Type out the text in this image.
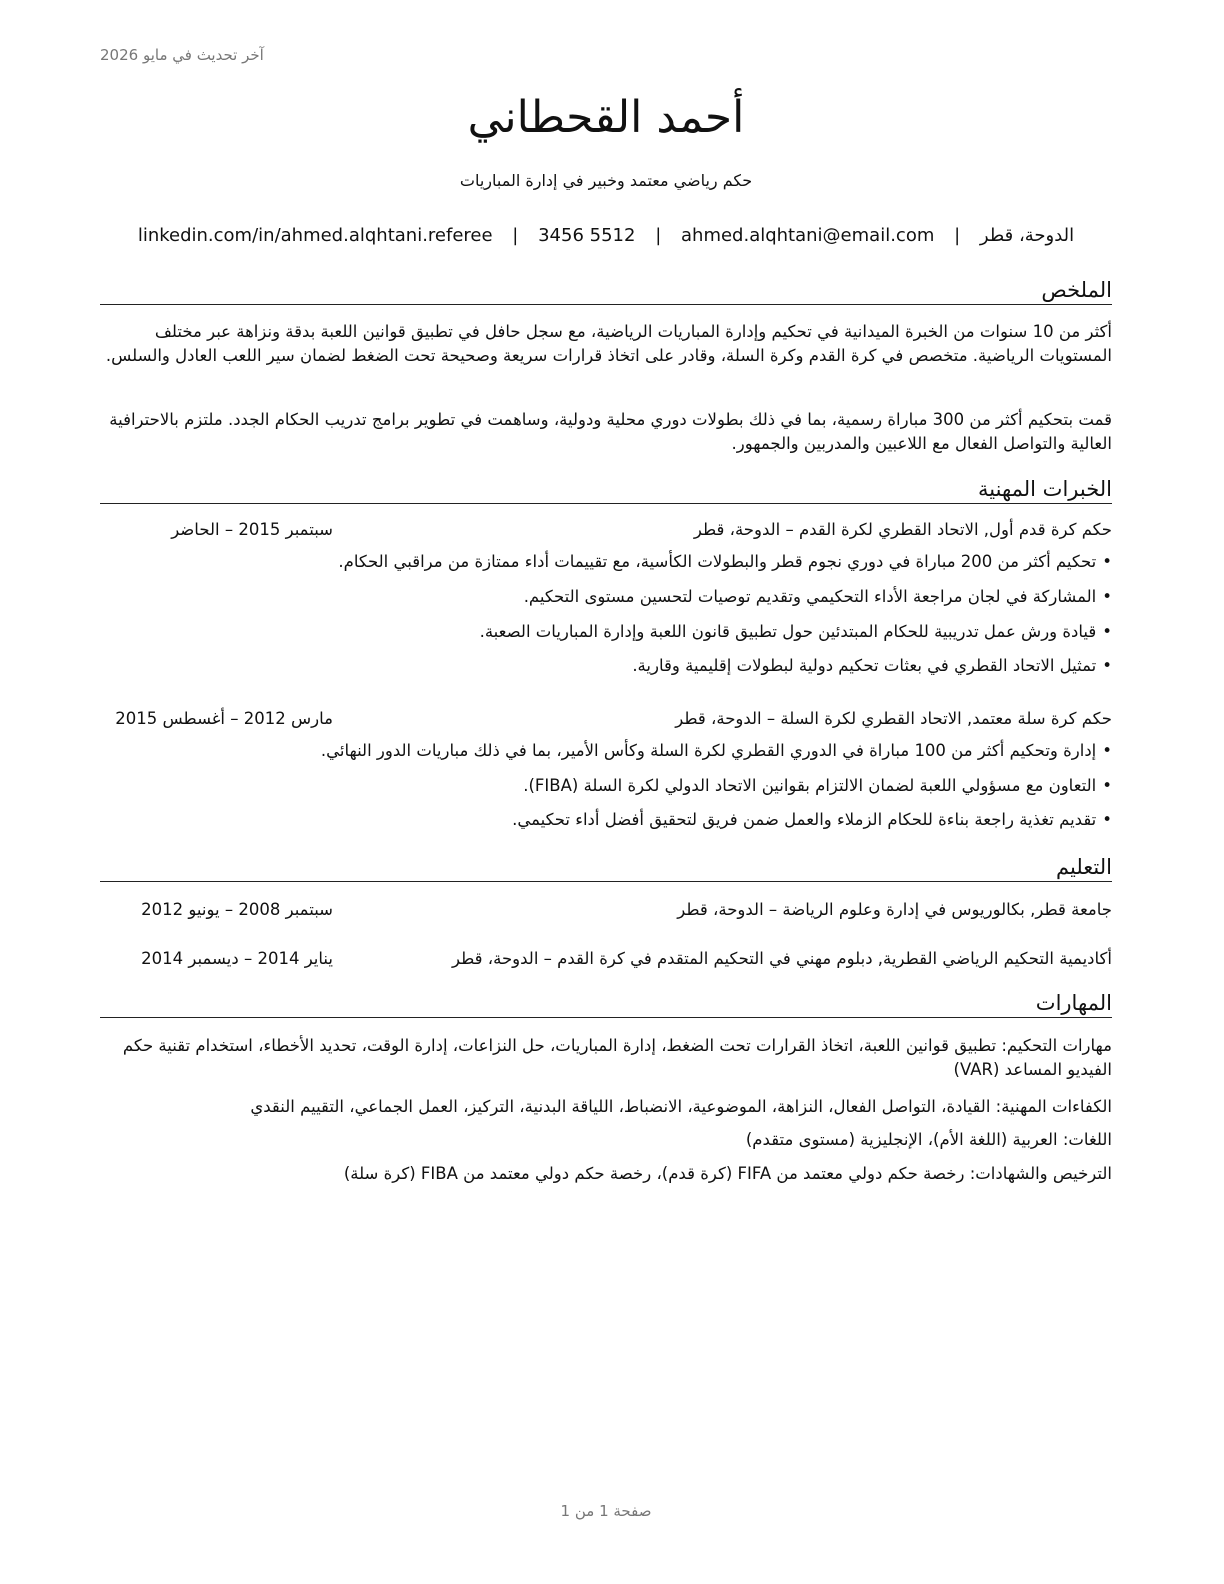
آخر تحديث في مايو 2026
أحمد القحطاني
حكم رياضي معتمد وخبير في إدارة المباريات
الدوحة، قطر | ahmed.alqhtani@email.com | 3456 5512 | linkedin.com/in/ahmed.alqhtani.referee
الملخص
أكثر من 10 سنوات من الخبرة الميدانية في تحكيم وإدارة المباريات الرياضية، مع سجل حافل في تطبيق قوانين اللعبة بدقة ونزاهة عبر مختلف المستويات الرياضية. متخصص في كرة القدم وكرة السلة، وقادر على اتخاذ قرارات سريعة وصحيحة تحت الضغط لضمان سير اللعب العادل والسلس.
قمت بتحكيم أكثر من 300 مباراة رسمية، بما في ذلك بطولات دوري محلية ودولية، وساهمت في تطوير برامج تدريب الحكام الجدد. ملتزم بالاحترافية العالية والتواصل الفعال مع اللاعبين والمدربين والجمهور.
الخبرات المهنية
حكم كرة قدم أول, الاتحاد القطري لكرة القدم – الدوحة، قطر
سبتمبر 2015 – الحاضر
•تحكيم أكثر من 200 مباراة في دوري نجوم قطر والبطولات الكأسية، مع تقييمات أداء ممتازة من مراقبي الحكام.
•المشاركة في لجان مراجعة الأداء التحكيمي وتقديم توصيات لتحسين مستوى التحكيم.
•قيادة ورش عمل تدريبية للحكام المبتدئين حول تطبيق قانون اللعبة وإدارة المباريات الصعبة.
•تمثيل الاتحاد القطري في بعثات تحكيم دولية لبطولات إقليمية وقارية.
حكم كرة سلة معتمد, الاتحاد القطري لكرة السلة – الدوحة، قطر
مارس 2012 – أغسطس 2015
•إدارة وتحكيم أكثر من 100 مباراة في الدوري القطري لكرة السلة وكأس الأمير، بما في ذلك مباريات الدور النهائي.
•التعاون مع مسؤولي اللعبة لضمان الالتزام بقوانين الاتحاد الدولي لكرة السلة (FIBA).
•تقديم تغذية راجعة بناءة للحكام الزملاء والعمل ضمن فريق لتحقيق أفضل أداء تحكيمي.
التعليم
جامعة قطر, بكالوريوس في إدارة وعلوم الرياضة – الدوحة، قطر
سبتمبر 2008 – يونيو 2012
أكاديمية التحكيم الرياضي القطرية, دبلوم مهني في التحكيم المتقدم في كرة القدم – الدوحة، قطر
يناير 2014 – ديسمبر 2014
المهارات
مهارات التحكيم: تطبيق قوانين اللعبة، اتخاذ القرارات تحت الضغط، إدارة المباريات، حل النزاعات، إدارة الوقت، تحديد الأخطاء، استخدام تقنية حكم الفيديو المساعد (VAR)
الكفاءات المهنية: القيادة، التواصل الفعال، النزاهة، الموضوعية، الانضباط، اللياقة البدنية، التركيز، العمل الجماعي، التقييم النقدي
اللغات: العربية (اللغة الأم)، الإنجليزية (مستوى متقدم)
الترخيص والشهادات: رخصة حكم دولي معتمد من FIFA (كرة قدم)، رخصة حكم دولي معتمد من FIBA (كرة سلة)
صفحة 1 من 1
